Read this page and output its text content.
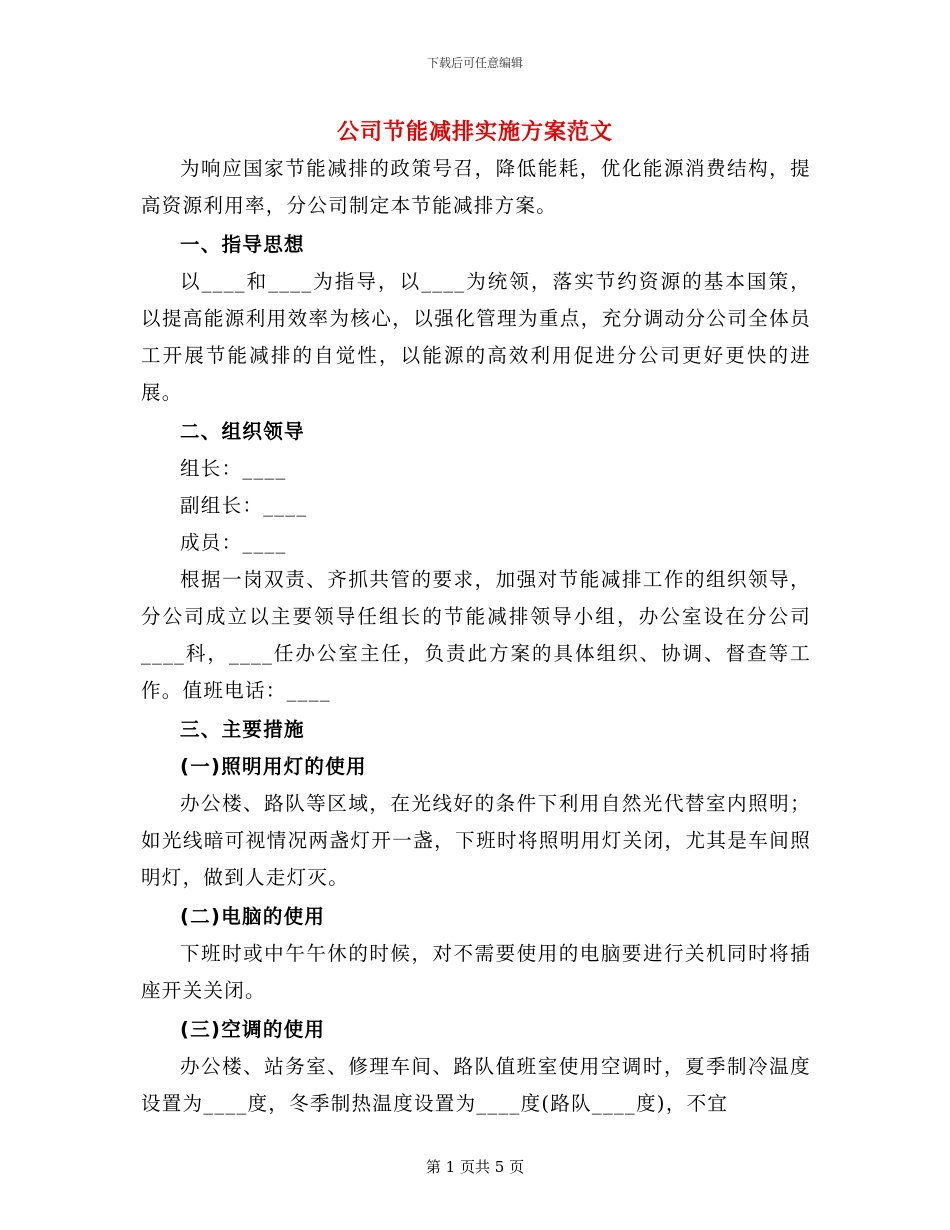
下载后可任意编辑
公司节能减排实施方案范文

为响应国家节能减排的政策号召，降低能耗，优化能源消费结构，提高资源利用率，分公司制定本节能减排方案。

一、指导思想

以____和____为指导，以____为统领，落实节约资源的基本国策，以提高能源利用效率为核心，以强化管理为重点，充分调动分公司全体员工开展节能减排的自觉性，以能源的高效利用促进分公司更好更快的进展。

二、组织领导

组长：____

副组长：____

成员：____

根据一岗双责、齐抓共管的要求，加强对节能减排工作的组织领导，分公司成立以主要领导任组长的节能减排领导小组，办公室设在分公司____科，____任办公室主任，负责此方案的具体组织、协调、督查等工作。值班电话：____

三、主要措施

(一)照明用灯的使用

办公楼、路队等区域，在光线好的条件下利用自然光代替室内照明；如光线暗可视情况两盏灯开一盏，下班时将照明用灯关闭，尤其是车间照明灯，做到人走灯灭。

(二)电脑的使用

下班时或中午午休的时候，对不需要使用的电脑要进行关机同时将插座开关关闭。

(三)空调的使用

办公楼、站务室、修理车间、路队值班室使用空调时，夏季制冷温度设置为____度，冬季制热温度设置为____度(路队____度)，不宜

第 1 页共 5 页
